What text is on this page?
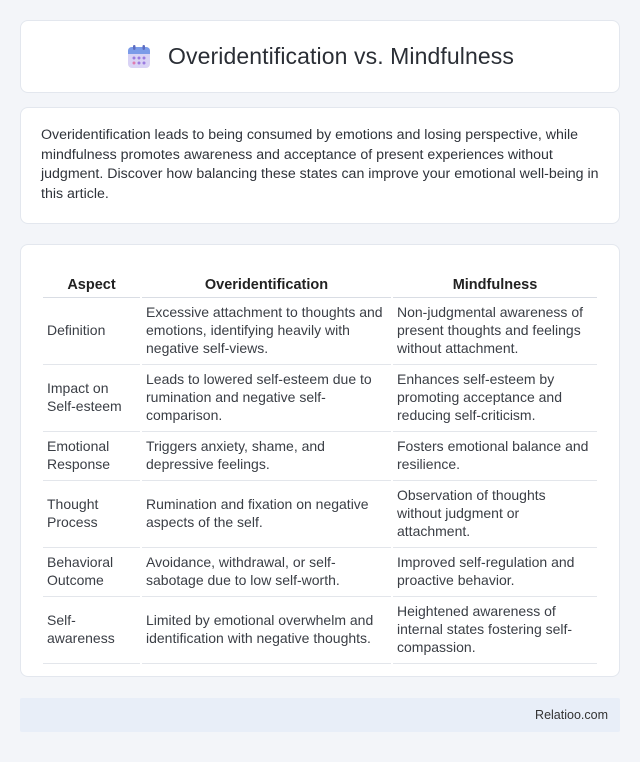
Overidentification vs. Mindfulness

Overidentification leads to being consumed by emotions and losing perspective, while mindfulness promotes awareness and acceptance of present experiences without judgment. Discover how balancing these states can improve your emotional well-being in this article.

Aspect	Overidentification	Mindfulness
Definition	Excessive attachment to thoughts and emotions, identifying heavily with negative self-views.	Non-judgmental awareness of present thoughts and feelings without attachment.
Impact on Self-esteem	Leads to lowered self-esteem due to rumination and negative self-comparison.	Enhances self-esteem by promoting acceptance and reducing self-criticism.
Emotional Response	Triggers anxiety, shame, and depressive feelings.	Fosters emotional balance and resilience.
Thought Process	Rumination and fixation on negative aspects of the self.	Observation of thoughts without judgment or attachment.
Behavioral Outcome	Avoidance, withdrawal, or self-sabotage due to low self-worth.	Improved self-regulation and proactive behavior.
Self-awareness	Limited by emotional overwhelm and identification with negative thoughts.	Heightened awareness of internal states fostering self-compassion.
Relatioo.com
